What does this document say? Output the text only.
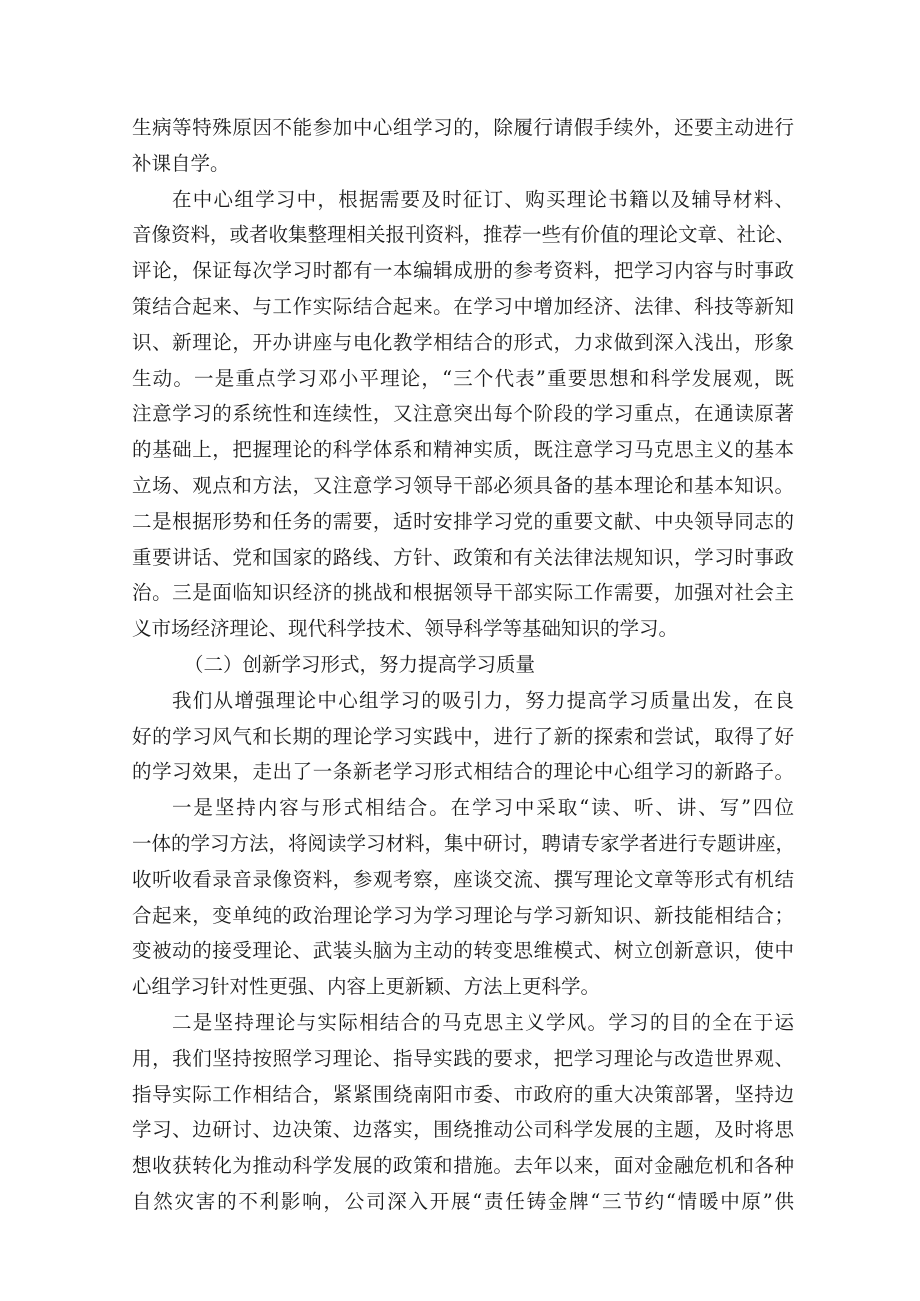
生病等特殊原因不能参加中心组学习的，除履行请假手续外，还要主动进行
补课自学。
在中心组学习中，根据需要及时征订、购买理论书籍以及辅导材料、
音像资料，或者收集整理相关报刊资料，推荐一些有价值的理论文章、社论、
评论，保证每次学习时都有一本编辑成册的参考资料，把学习内容与时事政
策结合起来、与工作实际结合起来。在学习中增加经济、法律、科技等新知
识、新理论，开办讲座与电化教学相结合的形式，力求做到深入浅出，形象
生动。一是重点学习邓小平理论，“三个代表”重要思想和科学发展观，既
注意学习的系统性和连续性，又注意突出每个阶段的学习重点，在通读原著
的基础上，把握理论的科学体系和精神实质，既注意学习马克思主义的基本
立场、观点和方法，又注意学习领导干部必须具备的基本理论和基本知识。
二是根据形势和任务的需要，适时安排学习党的重要文献、中央领导同志的
重要讲话、党和国家的路线、方针、政策和有关法律法规知识，学习时事政
治。三是面临知识经济的挑战和根据领导干部实际工作需要，加强对社会主
义市场经济理论、现代科学技术、领导科学等基础知识的学习。
（二）创新学习形式，努力提高学习质量
我们从增强理论中心组学习的吸引力，努力提高学习质量出发，在良
好的学习风气和长期的理论学习实践中，进行了新的探索和尝试，取得了好
的学习效果，走出了一条新老学习形式相结合的理论中心组学习的新路子。
一是坚持内容与形式相结合。在学习中采取“读、听、讲、写”四位
一体的学习方法，将阅读学习材料，集中研讨，聘请专家学者进行专题讲座，
收听收看录音录像资料，参观考察，座谈交流、撰写理论文章等形式有机结
合起来，变单纯的政治理论学习为学习理论与学习新知识、新技能相结合；
变被动的接受理论、武装头脑为主动的转变思维模式、树立创新意识，使中
心组学习针对性更强、内容上更新颖、方法上更科学。
二是坚持理论与实际相结合的马克思主义学风。学习的目的全在于运
用，我们坚持按照学习理论、指导实践的要求，把学习理论与改造世界观、
指导实际工作相结合，紧紧围绕南阳市委、市政府的重大决策部署，坚持边
学习、边研讨、边决策、边落实，围绕推动公司科学发展的主题，及时将思
想收获转化为推动科学发展的政策和措施。去年以来，面对金融危机和各种
自然灾害的不利影响，公司深入开展“责任铸金牌“三节约“情暖中原”供
